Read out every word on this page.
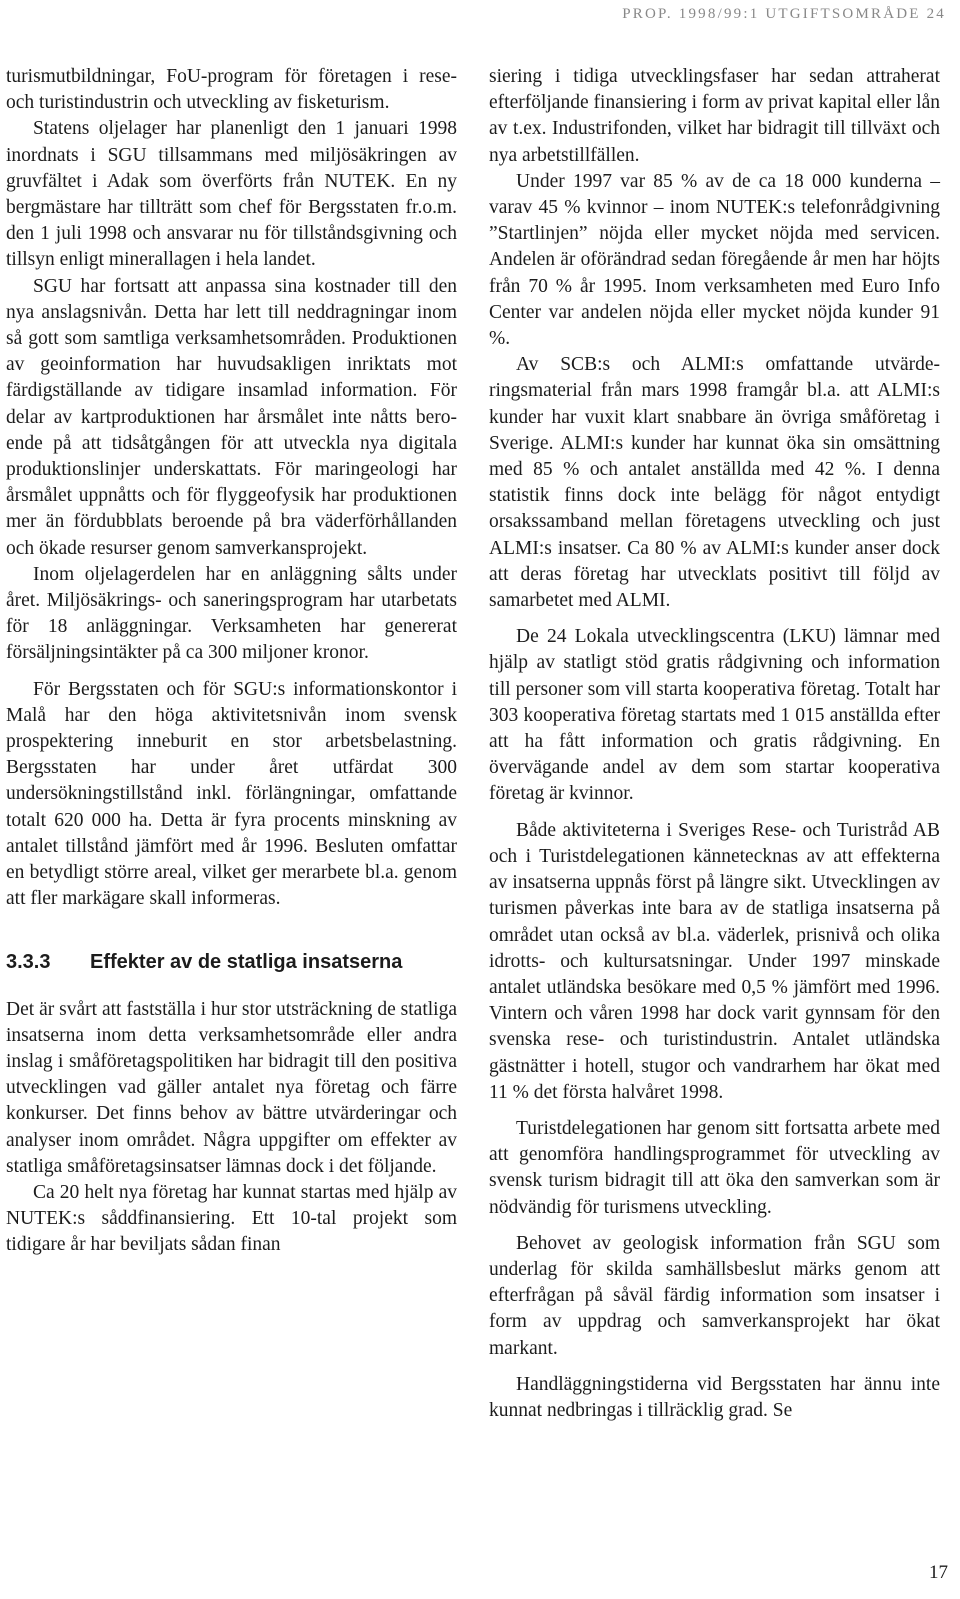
PROP. 1998/99:1 UTGIFTSOMRÅDE 24

turismutbildningar, FoU-program för företagen i rese- och turistindustrin och utveckling av fisketurism.

Statens oljelager har planenligt den 1 januari 1998 inordnats i SGU tillsammans med miljösäkringen av gruvfältet i Adak som överförts från NUTEK. En ny bergmästare har tillträtt som chef för Bergsstaten fr.o.m. den 1 juli 1998 och ansvarar nu för tillståndsgivning och tillsyn enligt minerallagen i hela landet.

SGU har fortsatt att anpassa sina kostnader till den nya anslagsnivån. Detta har lett till neddragningar inom så gott som samtliga verksamhetsområden. Produktionen av geoinformation har huvudsakligen inriktats mot färdigställande av tidigare insamlad information. För delar av kartproduktionen har årsmålet inte nåtts beroende på att tidsåtgången för att utveckla nya digitala produktionslinjer underskattats. För maringeologi har årsmålet uppnåtts och för flyggeofysik har produktionen mer än fördubblats beroende på bra väderförhållanden och ökade resurser genom samverkansprojekt.

Inom oljelagerdelen har en anläggning sålts under året. Miljösäkrings- och saneringsprogram har utarbetats för 18 anläggningar. Verksamheten har genererat försäljningsintäkter på ca 300 miljoner kronor.

För Bergsstaten och för SGU:s informationskontor i Malå har den höga aktivitetsnivån inom svensk prospektering inneburit en stor arbetsbelastning. Bergsstaten har under året utfärdat 300 undersökningstillstånd inkl. förlängningar, omfattande totalt 620 000 ha. Detta är fyra procents minskning av antalet tillstånd jämfört med år 1996. Besluten omfattar en betydligt större areal, vilket ger merarbete bl.a. genom att fler markägare skall informeras.

3.3.3	Effekter av de statliga insatserna

Det är svårt att fastställa i hur stor utsträckning de statliga insatserna inom detta verksamhetsområde eller andra inslag i småföretagspolitiken har bidragit till den positiva utvecklingen vad gäller antalet nya företag och färre konkurser. Det finns behov av bättre utvärderingar och analyser inom området. Några uppgifter om effekter av statliga småföretagsinsatser lämnas dock i det följande.

Ca 20 helt nya företag har kunnat startas med hjälp av NUTEK:s såddfinansiering. Ett 10-tal projekt som tidigare år har beviljats sådan finan

siering i tidiga utvecklingsfaser har sedan attraherat efterföljande finansiering i form av privat kapital eller lån av t.ex. Industrifonden, vilket har bidragit till tillväxt och nya arbetstillfällen.

Under 1997 var 85 % av de ca 18 000 kunderna – varav 45 % kvinnor – inom NUTEK:s telefonrådgivning ”Startlinjen” nöjda eller mycket nöjda med servicen. Andelen är oförändrad sedan föregående år men har höjts från 70 % år 1995. Inom verksamheten med Euro Info Center var andelen nöjda eller mycket nöjda kunder 91 %.

Av SCB:s och ALMI:s omfattande utvärderingsmaterial från mars 1998 framgår bl.a. att ALMI:s kunder har vuxit klart snabbare än övriga småföretag i Sverige. ALMI:s kunder har kunnat öka sin omsättning med 85 % och antalet anställda med 42 %. I denna statistik finns dock inte belägg för något entydigt orsakssamband mellan företagens utveckling och just ALMI:s insatser. Ca 80 % av ALMI:s kunder anser dock att deras företag har utvecklats positivt till följd av samarbetet med ALMI.

De 24 Lokala utvecklingscentra (LKU) lämnar med hjälp av statligt stöd gratis rådgivning och information till personer som vill starta kooperativa företag. Totalt har 303 kooperativa företag startats med 1 015 anställda efter att ha fått information och gratis rådgivning. En övervägande andel av dem som startar kooperativa företag är kvinnor.

Både aktiviteterna i Sveriges Rese- och Turistråd AB och i Turistdelegationen kännetecknas av att effekterna av insatserna uppnås först på längre sikt. Utvecklingen av turismen påverkas inte bara av de statliga insatserna på området utan också av bl.a. väderlek, prisnivå och olika idrotts- och kultursatsningar. Under 1997 minskade antalet utländska besökare med 0,5 % jämfört med 1996. Vintern och våren 1998 har dock varit gynnsam för den svenska rese- och turistindustrin. Antalet utländska gästnätter i hotell, stugor och vandrarhem har ökat med 11 % det första halvåret 1998.

Turistdelegationen har genom sitt fortsatta arbete med att genomföra handlingsprogrammet för utveckling av svensk turism bidragit till att öka den samverkan som är nödvändig för turismens utveckling.

Behovet av geologisk information från SGU som underlag för skilda samhällsbeslut märks genom att efterfrågan på såväl färdig information som insatser i form av uppdrag och samverkansprojekt har ökat markant.

Handläggningstiderna vid Bergsstaten har ännu inte kunnat nedbringas i tillräcklig grad. Se

17
